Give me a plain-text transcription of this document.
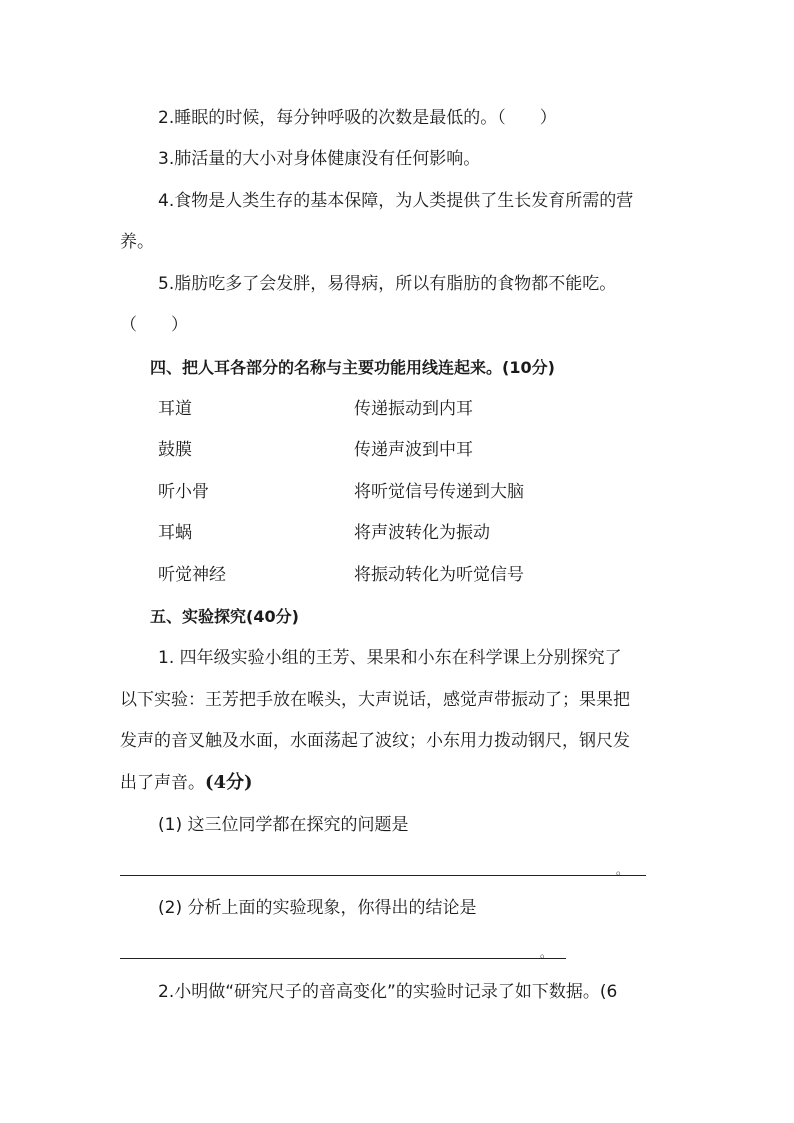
2.睡眠的时候，每分钟呼吸的次数是最低的。（　　）
3.肺活量的大小对身体健康没有任何影响。
4.食物是人类生存的基本保障，为人类提供了生长发育所需的营
养。
5.脂肪吃多了会发胖，易得病，所以有脂肪的食物都不能吃。
（　　）
四、把人耳各部分的名称与主要功能用线连起来。(10分)
耳道
鼓膜
听小骨
耳蜗
听觉神经
传递振动到内耳
传递声波到中耳
将听觉信号传递到大脑
将声波转化为振动
将振动转化为听觉信号
五、实验探究(40分)
1. 四年级实验小组的王芳、果果和小东在科学课上分别探究了
以下实验：王芳把手放在喉头，大声说话，感觉声带振动了；果果把
发声的音叉触及水面，水面荡起了波纹；小东用力拨动钢尺，钢尺发
出了声音。(4分)
(1) 这三位同学都在探究的问题是
。
(2) 分析上面的实验现象，你得出的结论是
。
2.小明做“研究尺子的音高变化”的实验时记录了如下数据。(6
